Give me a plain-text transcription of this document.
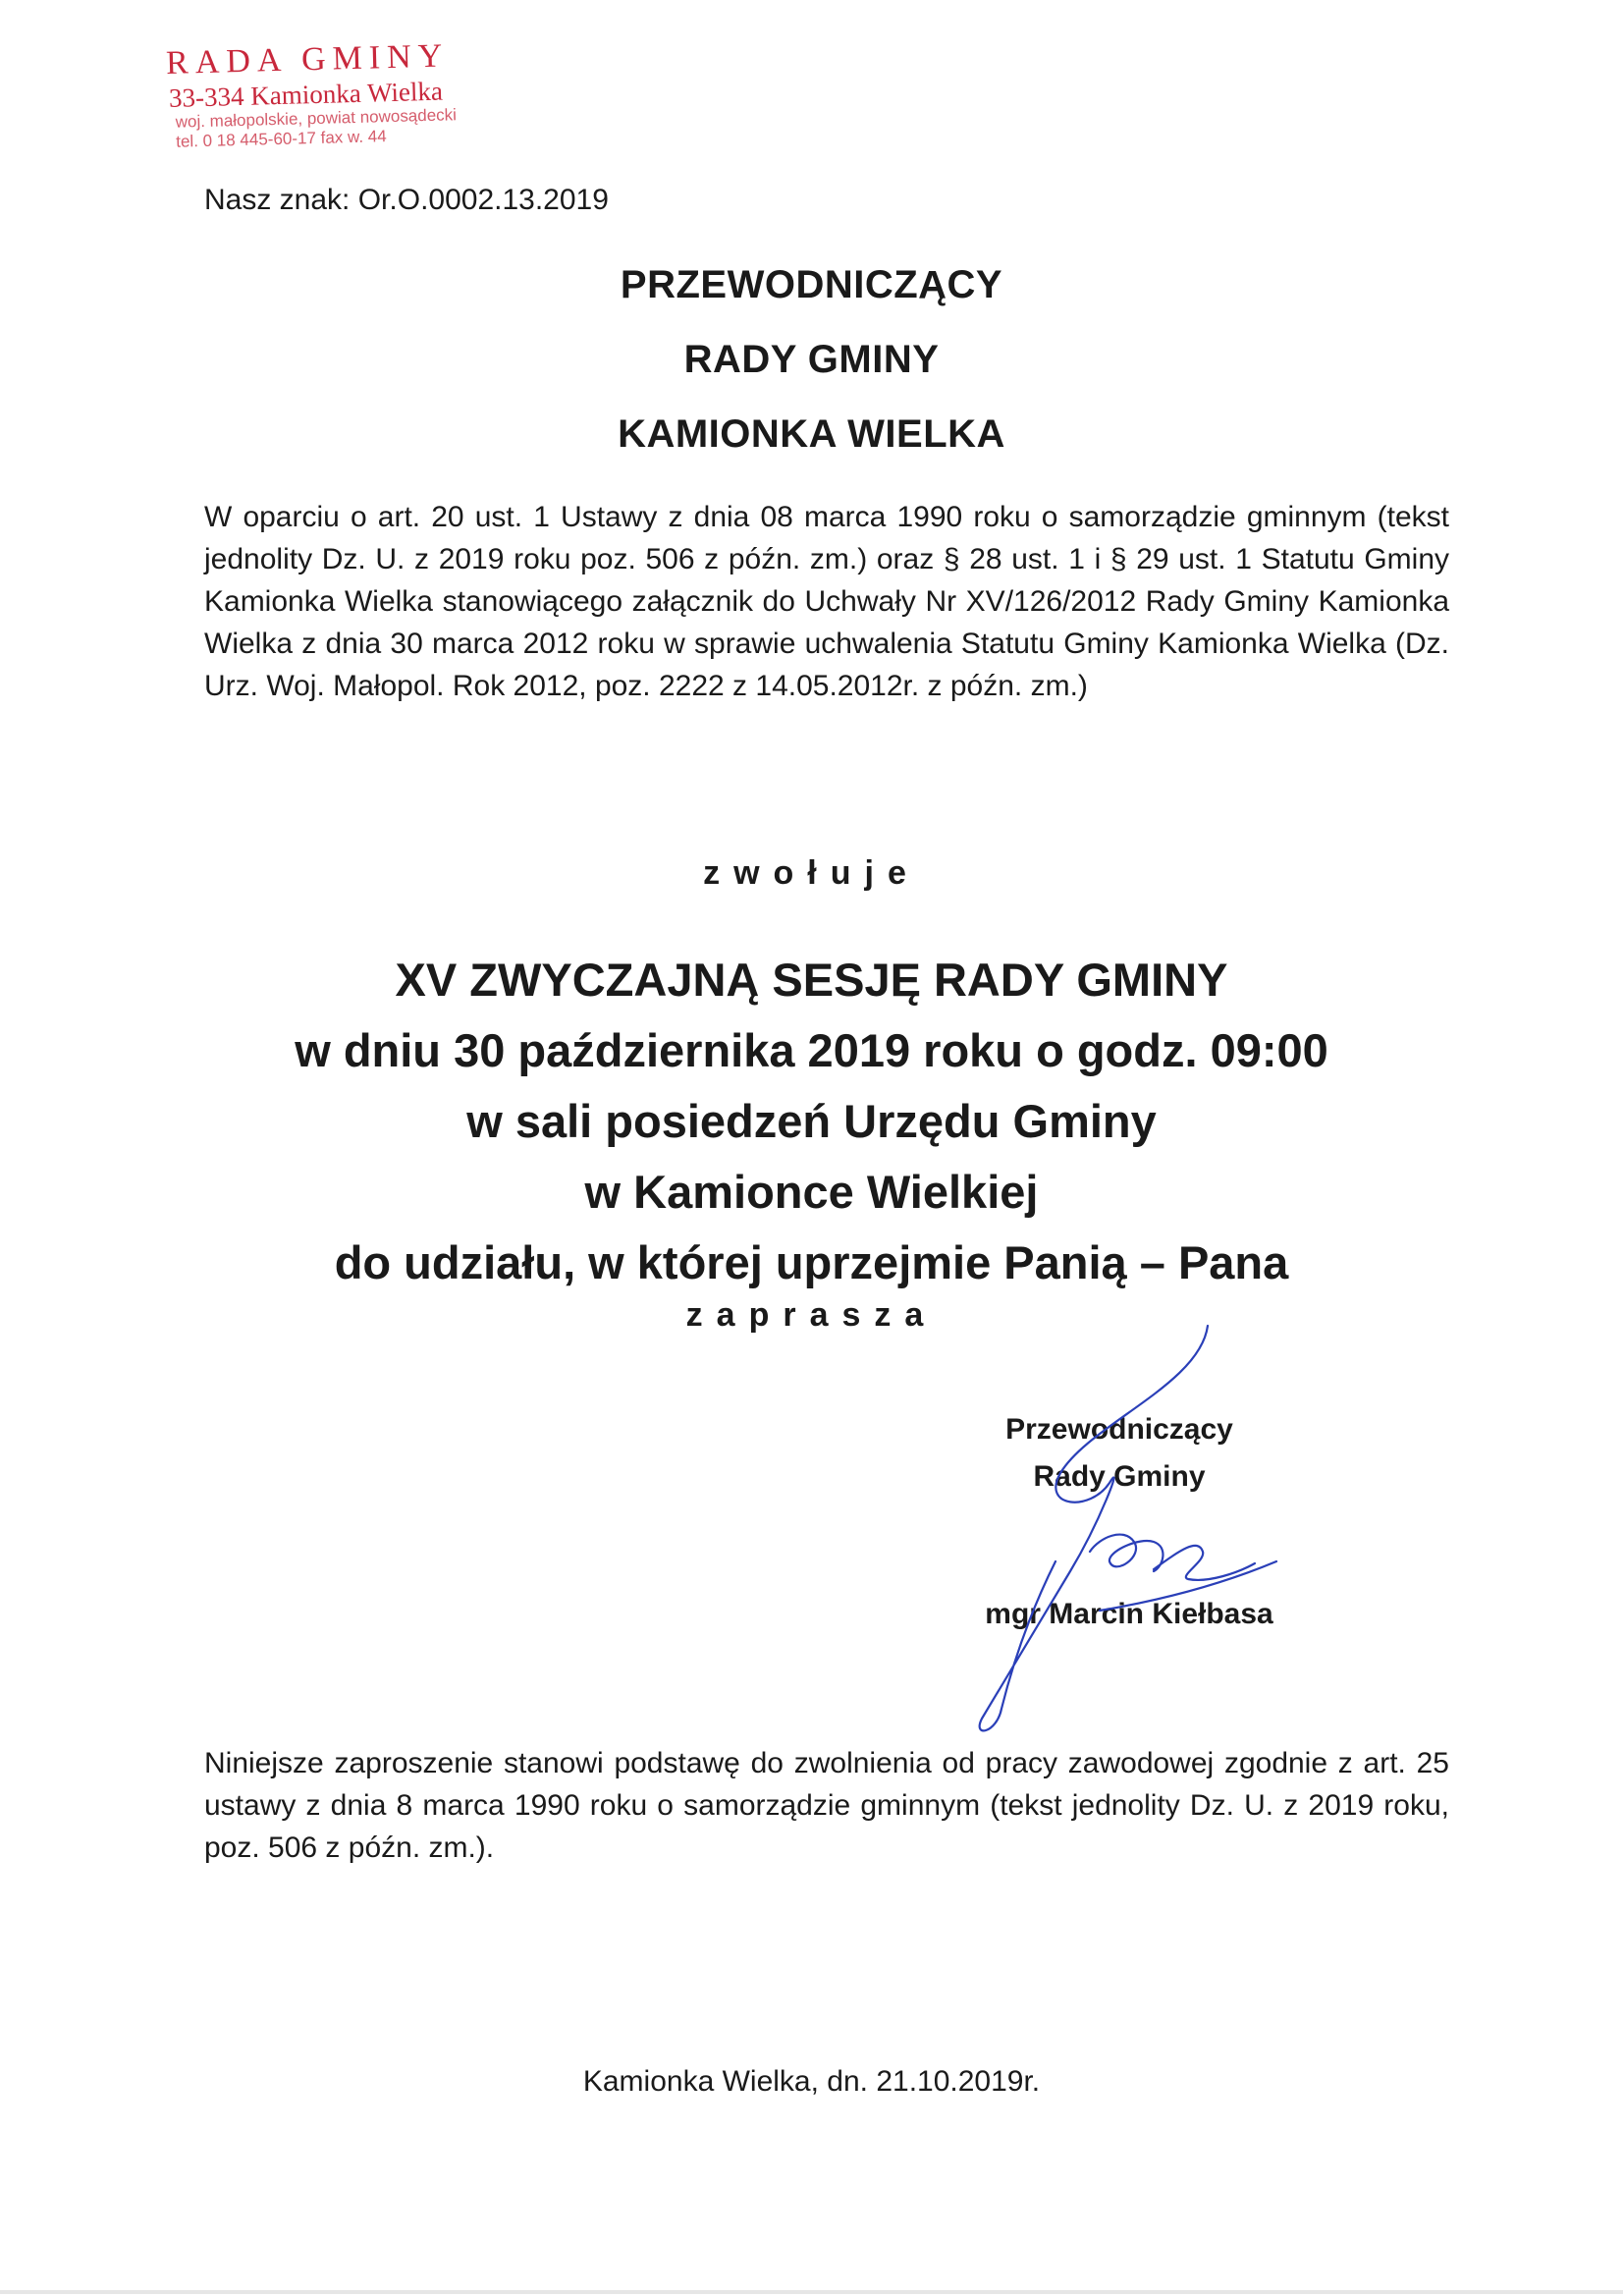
RADA GMINY
33-334 Kamionka Wielka
woj. małopolskie, powiat nowosądecki
tel. 0 18 445-60-17 fax w. 44
Nasz znak: Or.O.0002.13.2019
PRZEWODNICZĄCY
RADY GMINY
KAMIONKA WIELKA

W oparciu o art. 20 ust. 1 Ustawy z dnia 08 marca 1990 roku o samorządzie gminnym (tekst jednolity Dz. U. z 2019 roku poz. 506 z późn. zm.) oraz § 28 ust. 1 i § 29 ust. 1 Statutu Gminy Kamionka Wielka stanowiącego załącznik do Uchwały Nr XV/126/2012 Rady Gminy Kamionka Wielka z dnia 30 marca 2012 roku w sprawie uchwalenia Statutu Gminy Kamionka Wielka (Dz. Urz. Woj. Małopol. Rok 2012, poz. 2222 z 14.05.2012r. z późn. zm.)

zwołuje
XV ZWYCZAJNĄ SESJĘ RADY GMINY
w dniu 30 października 2019 roku o godz. 09:00
w sali posiedzeń Urzędu Gminy
w Kamionce Wielkiej
do udziału, w której uprzejmie Panią – Pana
zaprasza
Przewodniczący
Rady Gminy
mgr Marcin Kiełbasa

Niniejsze zaproszenie stanowi podstawę do zwolnienia od pracy zawodowej zgodnie z art. 25 ustawy z dnia 8 marca 1990 roku o samorządzie gminnym (tekst jednolity Dz. U. z 2019 roku, poz. 506 z późn. zm.).

Kamionka Wielka, dn. 21.10.2019r.
